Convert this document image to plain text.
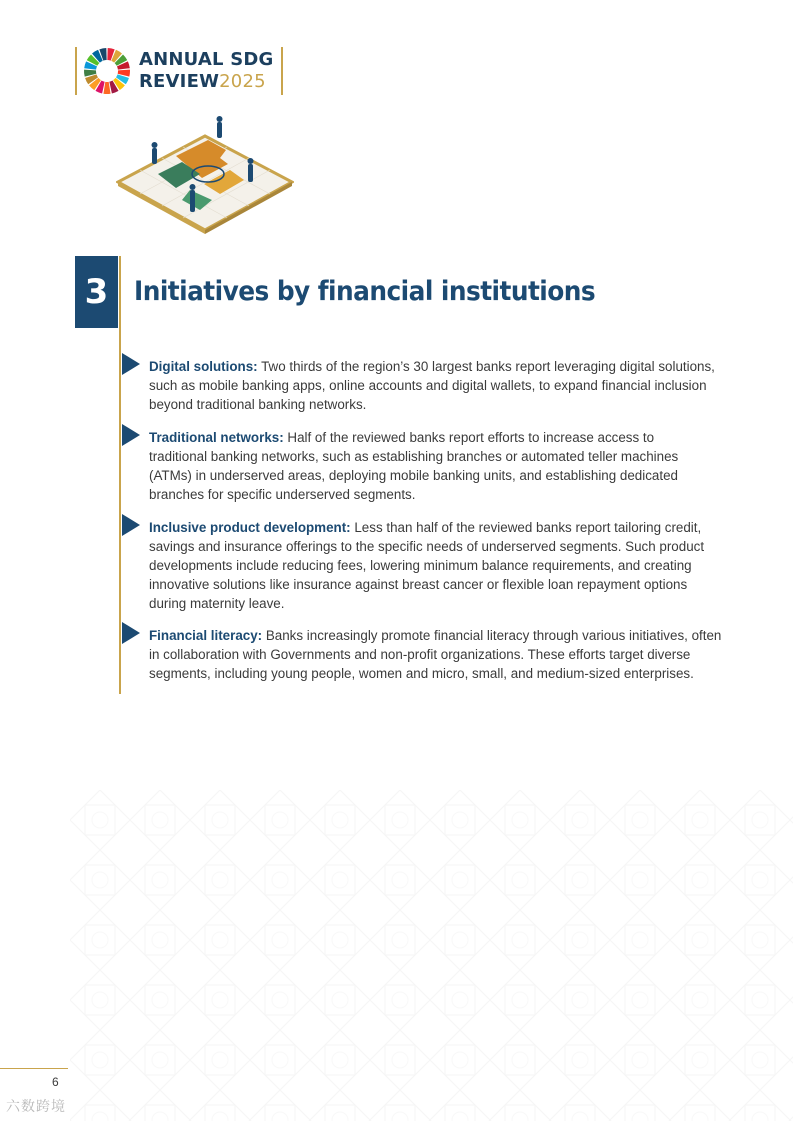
ANNUAL SDG
REVIEW2025
3 Initiatives by financial institutions
Digital solutions: Two thirds of the region’s 30 largest banks report leveraging digital solutions, such as mobile banking apps, online accounts and digital wallets, to expand financial inclusion beyond traditional banking networks.
Traditional networks: Half of the reviewed banks report efforts to increase access to traditional banking networks, such as establishing branches or automated teller machines (ATMs) in underserved areas, deploying mobile banking units, and establishing dedicated branches for specific underserved segments.
Inclusive product development: Less than half of the reviewed banks report tailoring credit, savings and insurance offerings to the specific needs of underserved segments. Such product developments include reducing fees, lowering minimum balance requirements, and creating innovative solutions like insurance against breast cancer or flexible loan repayment options during maternity leave.
Financial literacy: Banks increasingly promote financial literacy through various initiatives, often in collaboration with Governments and non-profit organizations. These efforts target diverse segments, including young people, women and micro, small, and medium-sized enterprises.
6
六数跨境
